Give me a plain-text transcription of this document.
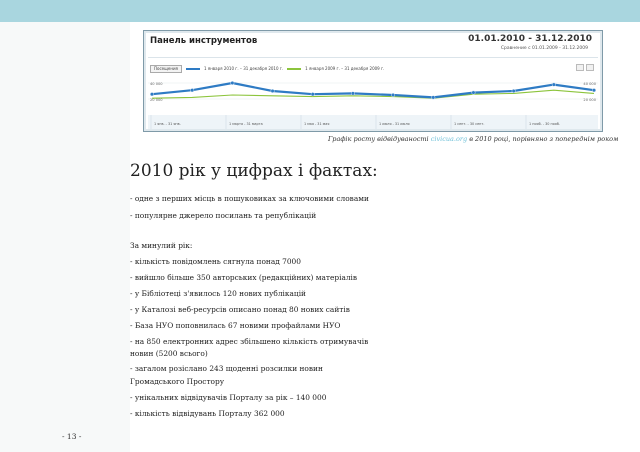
Панель инструментов	01.01.2010 - 31.12.2010
Сравнение с 01.01.2009 - 31.12.2009
Посещения	1 января 2010 г. – 31 декабря 2010 г.	1 января 2009 г. – 31 декабря 2009 г.
40 000
20 000
40 000
20 000
1 янв. - 31 янв.	1 марта - 31 марта	1 мая - 31 мая	1 июля - 31 июля	1 сент. - 30 сент.	1 нояб. - 30 нояб.
Графік росту відвідуваності civicua.org в 2010 році, порівняно з попереднім роком
2010 рік у цифрах і фактах:
- одне з перших місць в пошуковиках за ключовими словами
- популярне джерело посилань та републікацій
За минулий рік:
- кількість повідомлень сягнула понад 7000
- вийшло більше 350 авторських (редакційних) матеріалів
- у Бібліотеці з'явилось 120 нових публікацій
- у Каталозі веб-ресурсів описано понад 80 нових сайтів
- База НУО поповнилась 67 новими профайлами НУО
- на 850 електронних адрес збільшено кількість отримувачів
новин (5200 всього)
- загалом розіслано 243 щоденні розсилки новин
Громадського Простору
- унікальних відвідувачів Порталу за рік – 140 000
- кількість відвідувань Порталу 362 000
- 13 -
